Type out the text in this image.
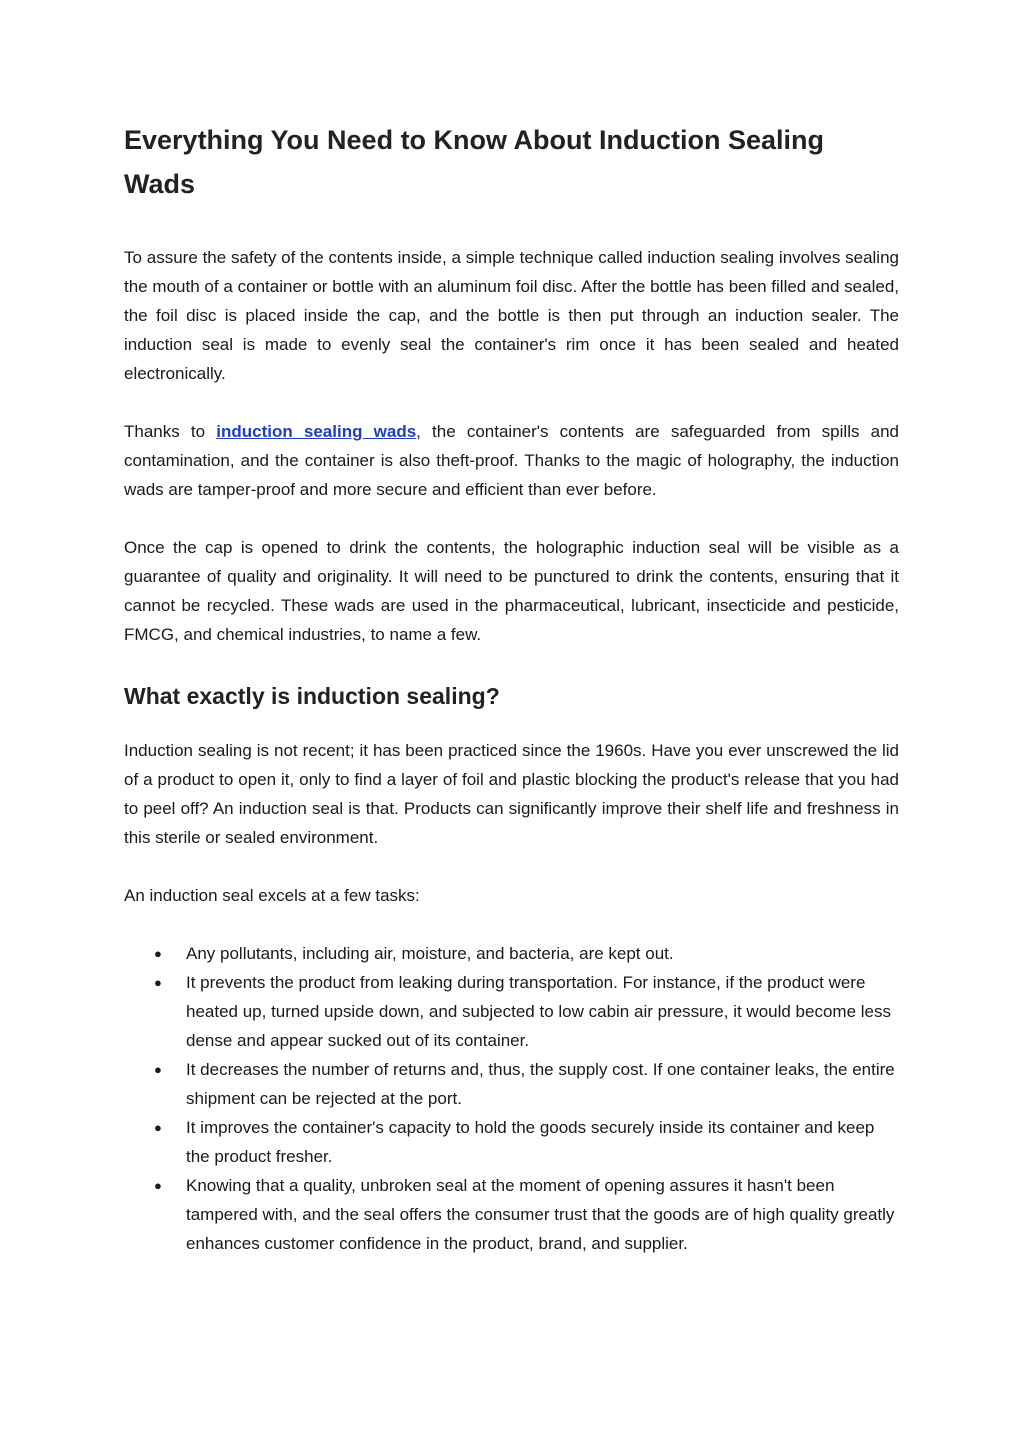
Everything You Need to Know About Induction Sealing Wads

To assure the safety of the contents inside, a simple technique called induction sealing involves sealing the mouth of a container or bottle with an aluminum foil disc. After the bottle has been filled and sealed, the foil disc is placed inside the cap, and the bottle is then put through an induction sealer. The induction seal is made to evenly seal the container's rim once it has been sealed and heated electronically.

Thanks to induction sealing wads, the container's contents are safeguarded from spills and contamination, and the container is also theft-proof. Thanks to the magic of holography, the induction wads are tamper-proof and more secure and efficient than ever before.

Once the cap is opened to drink the contents, the holographic induction seal will be visible as a guarantee of quality and originality. It will need to be punctured to drink the contents, ensuring that it cannot be recycled. These wads are used in the pharmaceutical, lubricant, insecticide and pesticide, FMCG, and chemical industries, to name a few.

What exactly is induction sealing?

Induction sealing is not recent; it has been practiced since the 1960s. Have you ever unscrewed the lid of a product to open it, only to find a layer of foil and plastic blocking the product's release that you had to peel off? An induction seal is that. Products can significantly improve their shelf life and freshness in this sterile or sealed environment.

An induction seal excels at a few tasks:

● Any pollutants, including air, moisture, and bacteria, are kept out.
● It prevents the product from leaking during transportation. For instance, if the product were heated up, turned upside down, and subjected to low cabin air pressure, it would become less dense and appear sucked out of its container.
● It decreases the number of returns and, thus, the supply cost. If one container leaks, the entire shipment can be rejected at the port.
● It improves the container's capacity to hold the goods securely inside its container and keep the product fresher.
● Knowing that a quality, unbroken seal at the moment of opening assures it hasn't been tampered with, and the seal offers the consumer trust that the goods are of high quality greatly enhances customer confidence in the product, brand, and supplier.
